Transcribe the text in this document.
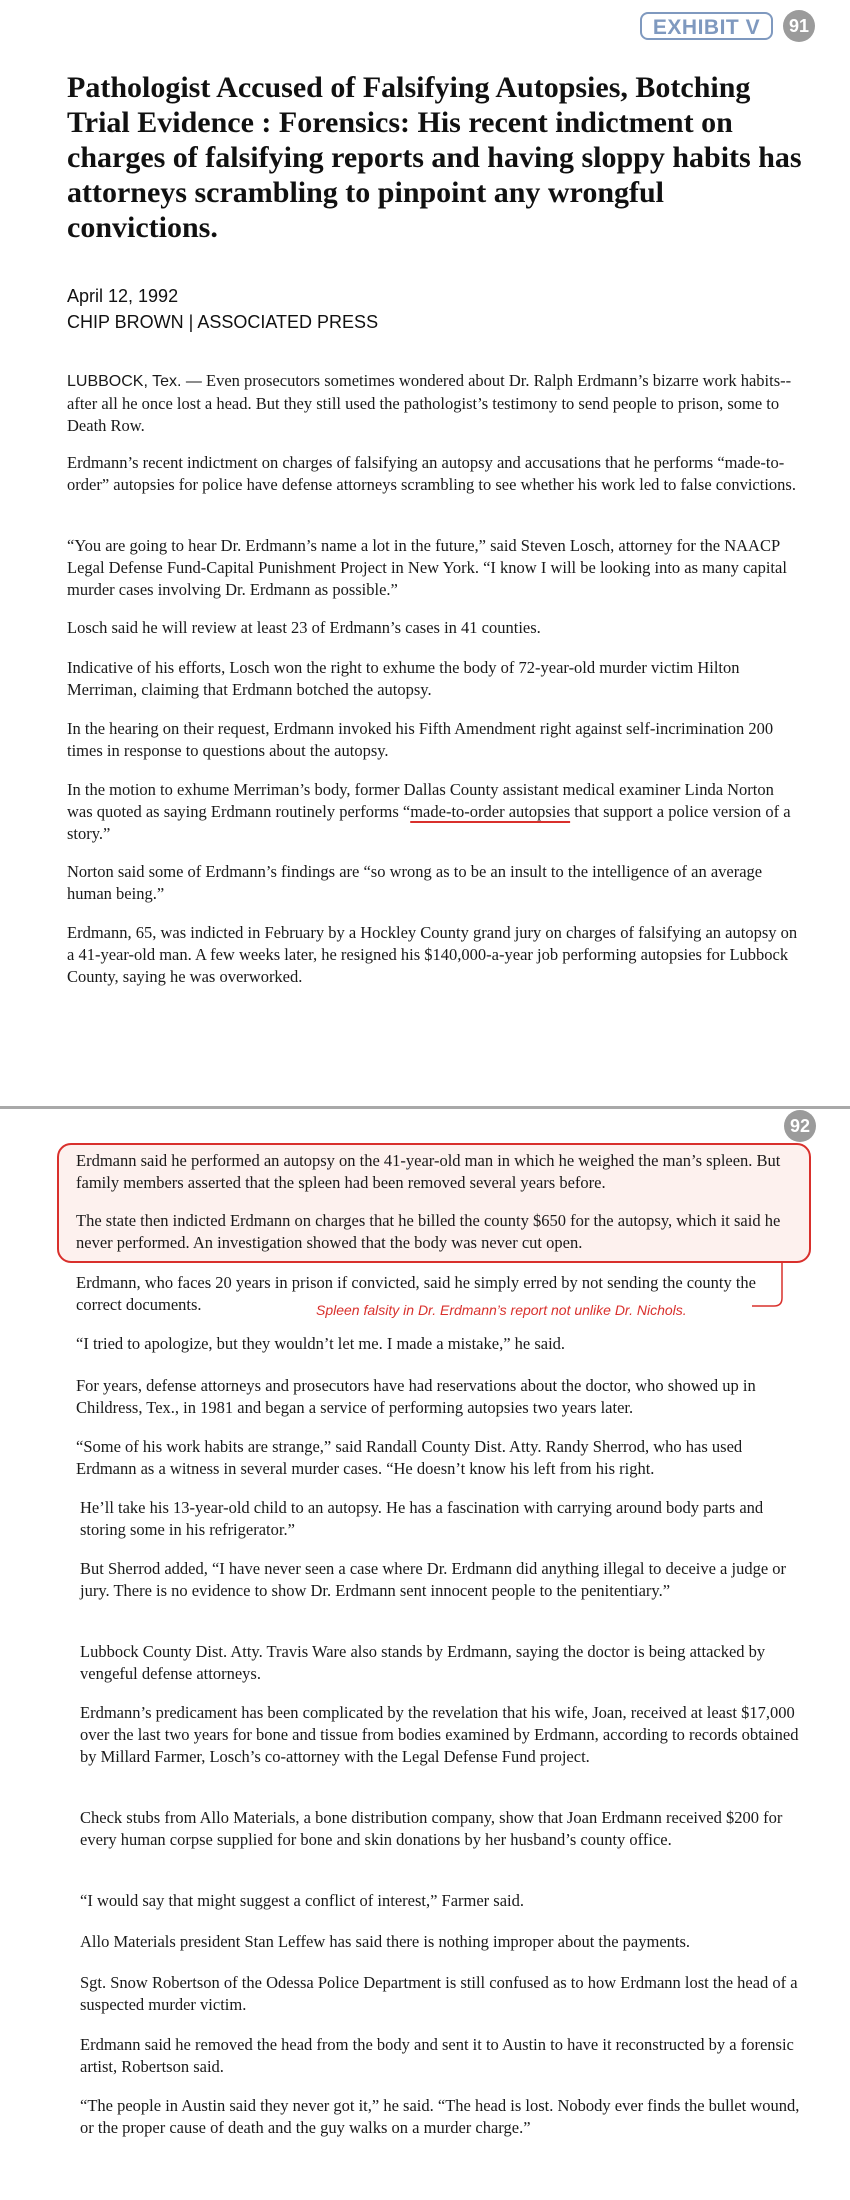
EXHIBIT V	91
Pathologist Accused of Falsifying Autopsies, Botching Trial Evidence : Forensics: His recent indictment on charges of falsifying reports and having sloppy habits has attorneys scrambling to pinpoint any wrongful convictions.
April 12, 1992
CHIP BROWN | ASSOCIATED PRESS

LUBBOCK, Tex. — Even prosecutors sometimes wondered about Dr. Ralph Erdmann’s bizarre work habits--after all he once lost a head. But they still used the pathologist’s testimony to send people to prison, some to Death Row.

Erdmann’s recent indictment on charges of falsifying an autopsy and accusations that he performs “made-to-order” autopsies for police have defense attorneys scrambling to see whether his work led to false convictions.

“You are going to hear Dr. Erdmann’s name a lot in the future,” said Steven Losch, attorney for the NAACP Legal Defense Fund-Capital Punishment Project in New York. “I know I will be looking into as many capital murder cases involving Dr. Erdmann as possible.”

Losch said he will review at least 23 of Erdmann’s cases in 41 counties.

Indicative of his efforts, Losch won the right to exhume the body of 72-year-old murder victim Hilton Merriman, claiming that Erdmann botched the autopsy.

In the hearing on their request, Erdmann invoked his Fifth Amendment right against self-incrimination 200 times in response to questions about the autopsy.

In the motion to exhume Merriman’s body, former Dallas County assistant medical examiner Linda Norton was quoted as saying Erdmann routinely performs “made-to-order autopsies that support a police version of a story.”

Norton said some of Erdmann’s findings are “so wrong as to be an insult to the intelligence of an average human being.”

Erdmann, 65, was indicted in February by a Hockley County grand jury on charges of falsifying an autopsy on a 41-year-old man. A few weeks later, he resigned his $140,000-a-year job performing autopsies for Lubbock County, saying he was overworked.

92

Erdmann said he performed an autopsy on the 41-year-old man in which he weighed the man’s spleen. But family members asserted that the spleen had been removed several years before.

The state then indicted Erdmann on charges that he billed the county $650 for the autopsy, which it said he never performed. An investigation showed that the body was never cut open.

Spleen falsity in Dr. Erdmann’s report not unlike Dr. Nichols.

Erdmann, who faces 20 years in prison if convicted, said he simply erred by not sending the county the correct documents.

“I tried to apologize, but they wouldn’t let me. I made a mistake,” he said.

For years, defense attorneys and prosecutors have had reservations about the doctor, who showed up in Childress, Tex., in 1981 and began a service of performing autopsies two years later.

“Some of his work habits are strange,” said Randall County Dist. Atty. Randy Sherrod, who has used Erdmann as a witness in several murder cases. “He doesn’t know his left from his right.

He’ll take his 13-year-old child to an autopsy. He has a fascination with carrying around body parts and storing some in his refrigerator.”

But Sherrod added, “I have never seen a case where Dr. Erdmann did anything illegal to deceive a judge or jury. There is no evidence to show Dr. Erdmann sent innocent people to the penitentiary.”

Lubbock County Dist. Atty. Travis Ware also stands by Erdmann, saying the doctor is being attacked by vengeful defense attorneys.

Erdmann’s predicament has been complicated by the revelation that his wife, Joan, received at least $17,000 over the last two years for bone and tissue from bodies examined by Erdmann, according to records obtained by Millard Farmer, Losch’s co-attorney with the Legal Defense Fund project.

Check stubs from Allo Materials, a bone distribution company, show that Joan Erdmann received $200 for every human corpse supplied for bone and skin donations by her husband’s county office.

“I would say that might suggest a conflict of interest,” Farmer said.

Allo Materials president Stan Leffew has said there is nothing improper about the payments.

Sgt. Snow Robertson of the Odessa Police Department is still confused as to how Erdmann lost the head of a suspected murder victim.

Erdmann said he removed the head from the body and sent it to Austin to have it reconstructed by a forensic artist, Robertson said.

“The people in Austin said they never got it,” he said. “The head is lost. Nobody ever finds the bullet wound, or the proper cause of death and the guy walks on a murder charge.”
